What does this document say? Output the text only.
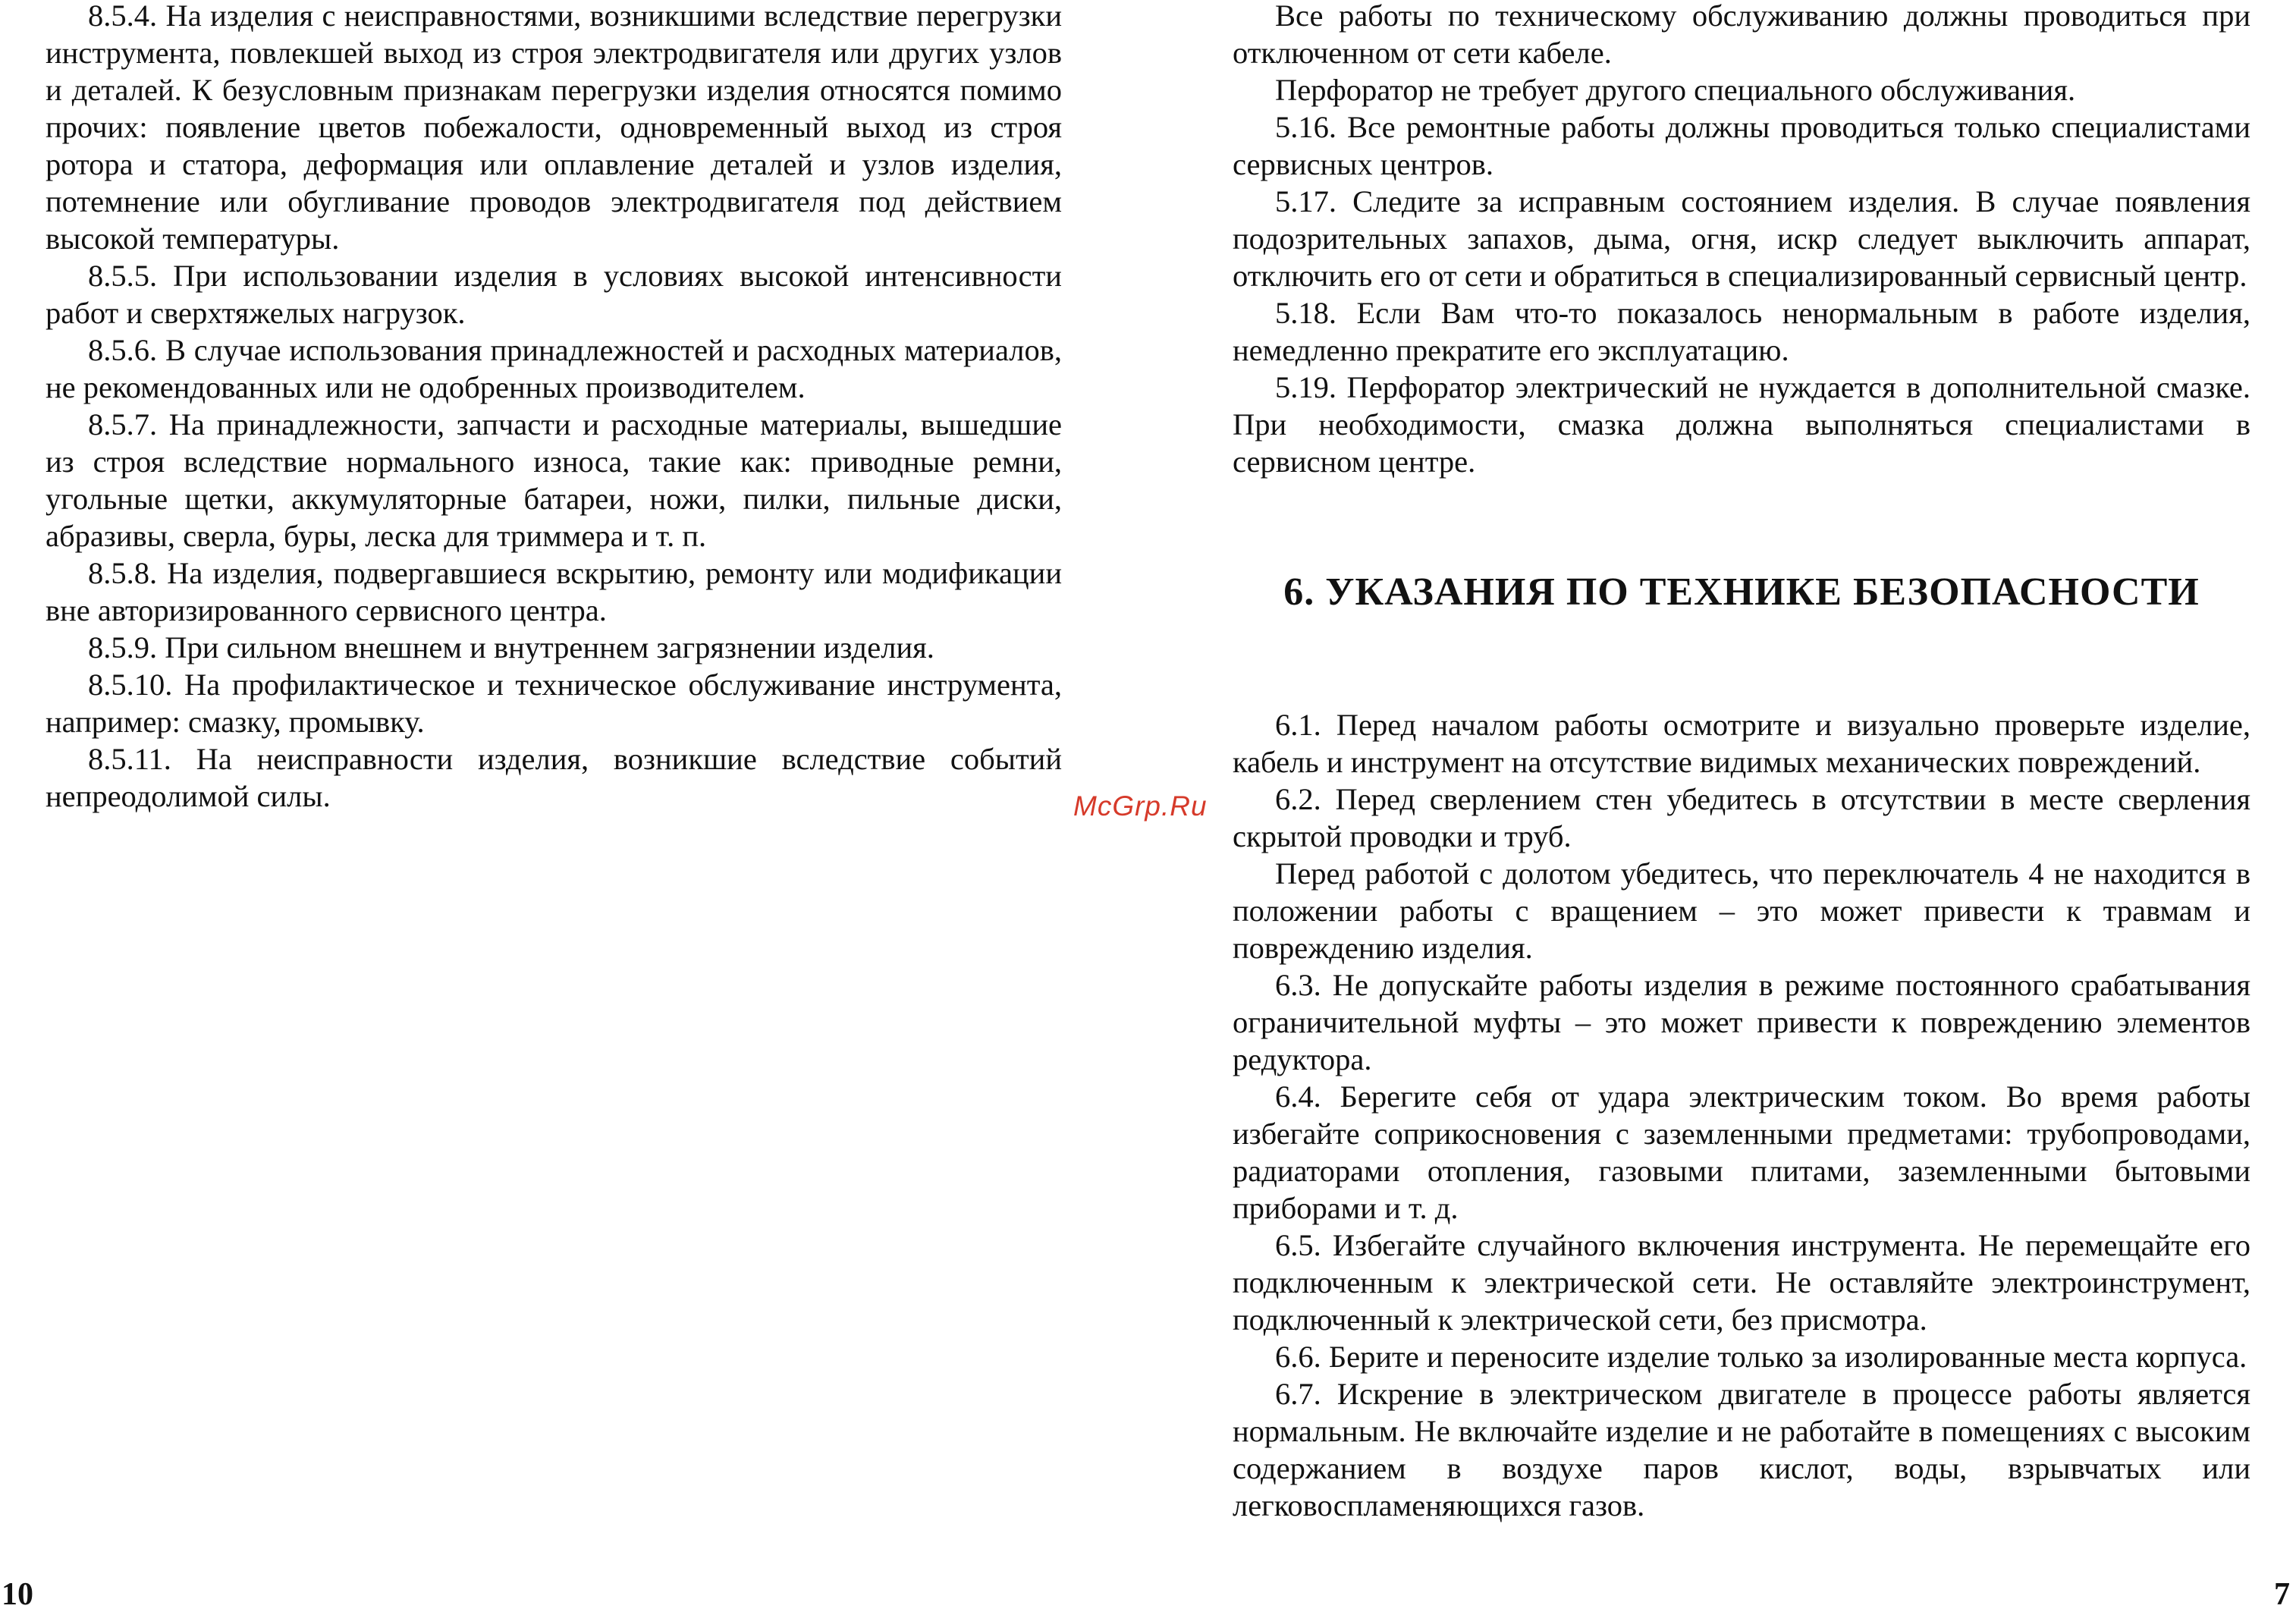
8.5.4. На изделия с неисправностями, возникшими вследствие перегрузки инструмента, повлекшей выход из строя электродвигателя или других узлов и деталей. К безусловным признакам перегрузки изделия относятся помимо прочих: появление цветов побежалости, одновременный выход из строя ротора и статора, деформация или оплавление деталей и узлов изделия, потемнение или обугливание проводов электродвигателя под действием высокой температуры.

8.5.5. При использовании изделия в условиях высокой интенсивности работ и сверхтяжелых нагрузок.

8.5.6. В случае использования принадлежностей и расходных материалов, не рекомендованных или не одобренных производителем.

8.5.7. На принадлежности, запчасти и расходные материалы, вышедшие из строя вследствие нормального износа, такие как: приводные ремни, угольные щетки, аккумуляторные батареи, ножи, пилки, пильные диски, абразивы, сверла, буры, леска для триммера и т. п.

8.5.8. На изделия, подвергавшиеся вскрытию, ремонту или модификации вне авторизированного сервисного центра.

8.5.9. При сильном внешнем и внутреннем загрязнении изделия.

8.5.10. На профилактическое и техническое обслуживание инструмента, например: смазку, промывку.

8.5.11. На неисправности изделия, возникшие вследствие событий непреодолимой силы.

Все работы по техническому обслуживанию должны проводиться при отключенном от сети кабеле.

Перфоратор не требует другого специального обслуживания.

5.16. Все ремонтные работы должны проводиться только специалистами сервисных центров.

5.17. Следите за исправным состоянием изделия. В случае появления подозрительных запахов, дыма, огня, искр следует выключить аппарат, отключить его от сети и обратиться в специализированный сервисный центр.

5.18. Если Вам что-то показалось ненормальным в работе изделия, немедленно прекратите его эксплуатацию.

5.19. Перфоратор электрический не нуждается в дополнительной смазке. При необходимости, смазка должна выполняться специалистами в сервисном центре.

6. УКАЗАНИЯ ПО ТЕХНИКЕ БЕЗОПАСНОСТИ

6.1. Перед началом работы осмотрите и визуально проверьте изделие, кабель и инструмент на отсутствие видимых механических повреждений.

6.2. Перед сверлением стен убедитесь в отсутствии в месте сверления скрытой проводки и труб.

Перед работой с долотом убедитесь, что переключатель 4 не находится в положении работы с вращением – это может привести к травмам и повреждению изделия.

6.3. Не допускайте работы изделия в режиме постоянного срабатывания ограничительной муфты – это может привести к повреждению элементов редуктора.

6.4. Берегите себя от удара электрическим током. Во время работы избегайте соприкосновения с заземленными предметами: трубопроводами, радиаторами отопления, газовыми плитами, заземленными бытовыми приборами и т. д.

6.5. Избегайте случайного включения инструмента. Не перемещайте его подключенным к электрической сети. Не оставляйте электроинструмент, подключенный к электрической сети, без присмотра.

6.6. Берите и переносите изделие только за изолированные места корпуса.

6.7. Искрение в электрическом двигателе в процессе работы является нормальным. Не включайте изделие и не работайте в помещениях с высоким содержанием в воздухе паров кислот, воды, взрывчатых или легковоспламеняющихся газов.

McGrp.Ru
10	7
